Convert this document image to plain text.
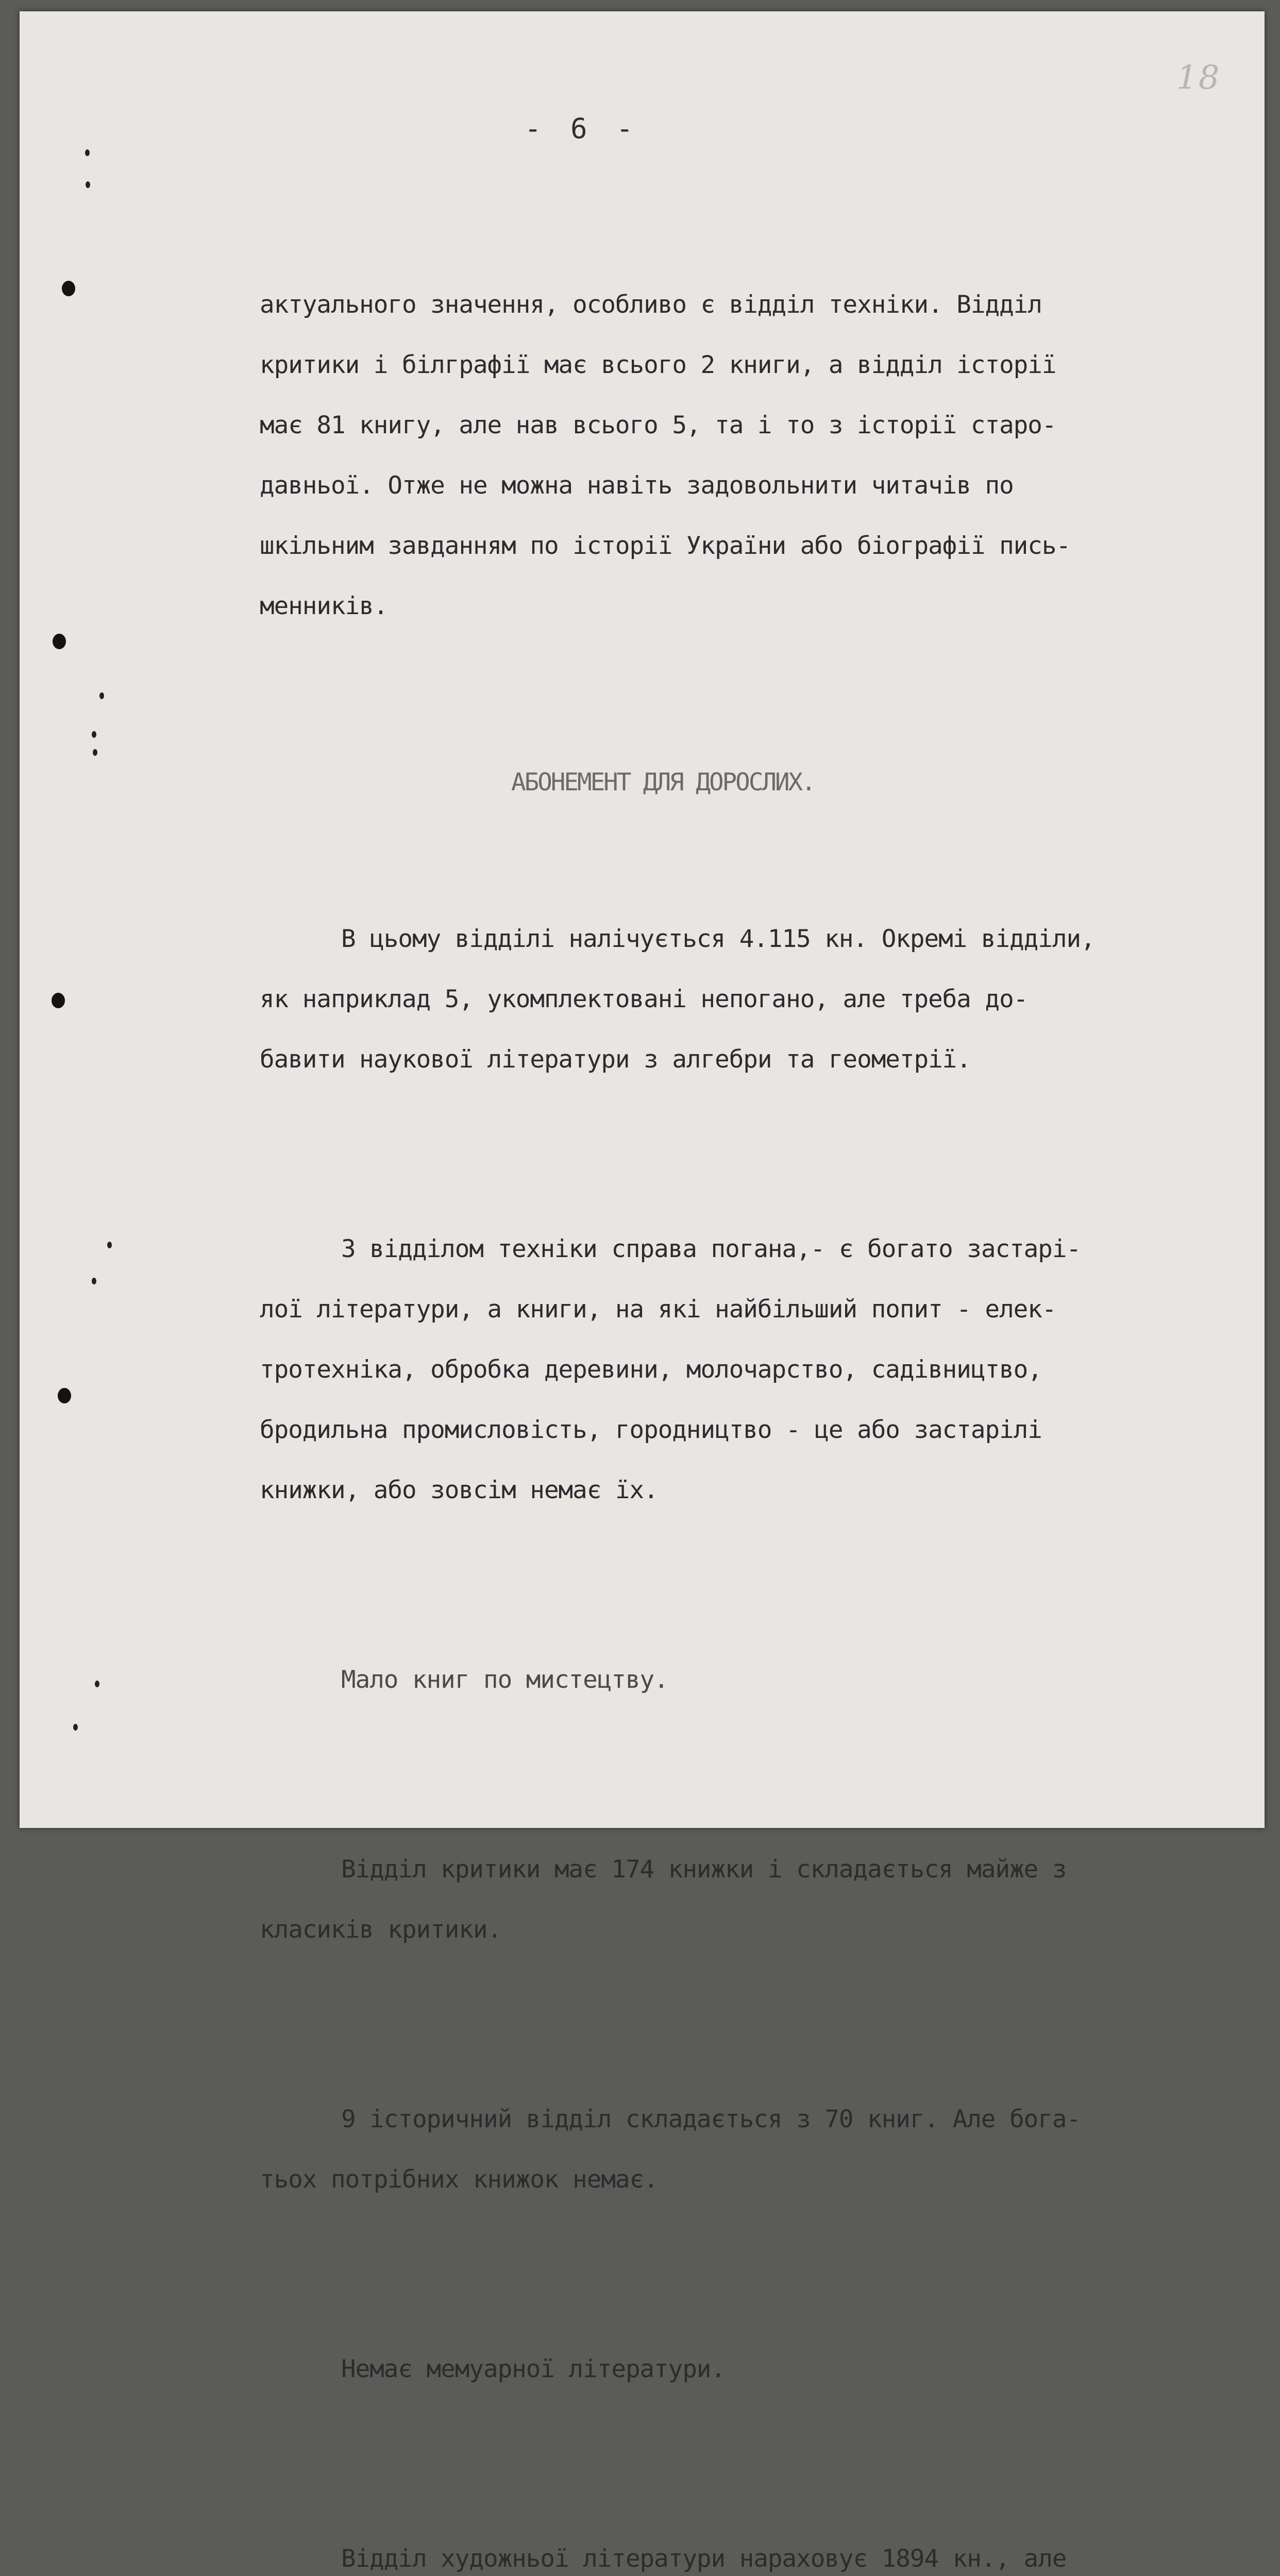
18
- 6 -

актуального значення, особливо є відділ техніки. Відділ

критики і білграфії має всього 2 книги, а відділ історії

має 81 книгу, але нав всього 5, та і то з історії старо-

давньої. Отже не можна навіть задовольнити читачів по

шкільним завданням по історії України або біографії пись-

менників.

АБОНЕМЕНТ ДЛЯ ДОРОСЛИХ.

В цьому відділі налічується 4.115 кн. Окремі відділи,

як наприклад 5, укомплектовані непогано, але треба до-

бавити наукової літератури з алгебри та геометрії.

З відділом техніки справа погана,- є богато застарі-

лої літератури, а книги, на які найбільший попит - елек-

тротехніка, обробка деревини, молочарство, садівництво,

бродильна промисловість, городництво - це або застарілі

книжки, або зовсім немає їх.

Мало книг по мистецтву.

Відділ критики має 174 книжки і складається майже з

класиків критики.

9 історичний відділ складається з 70 книг. Але бога-

тьох потрібних книжок немає.

Немає мемуарної літератури.

Відділ художньої літератури нараховує 1894 кн., але
